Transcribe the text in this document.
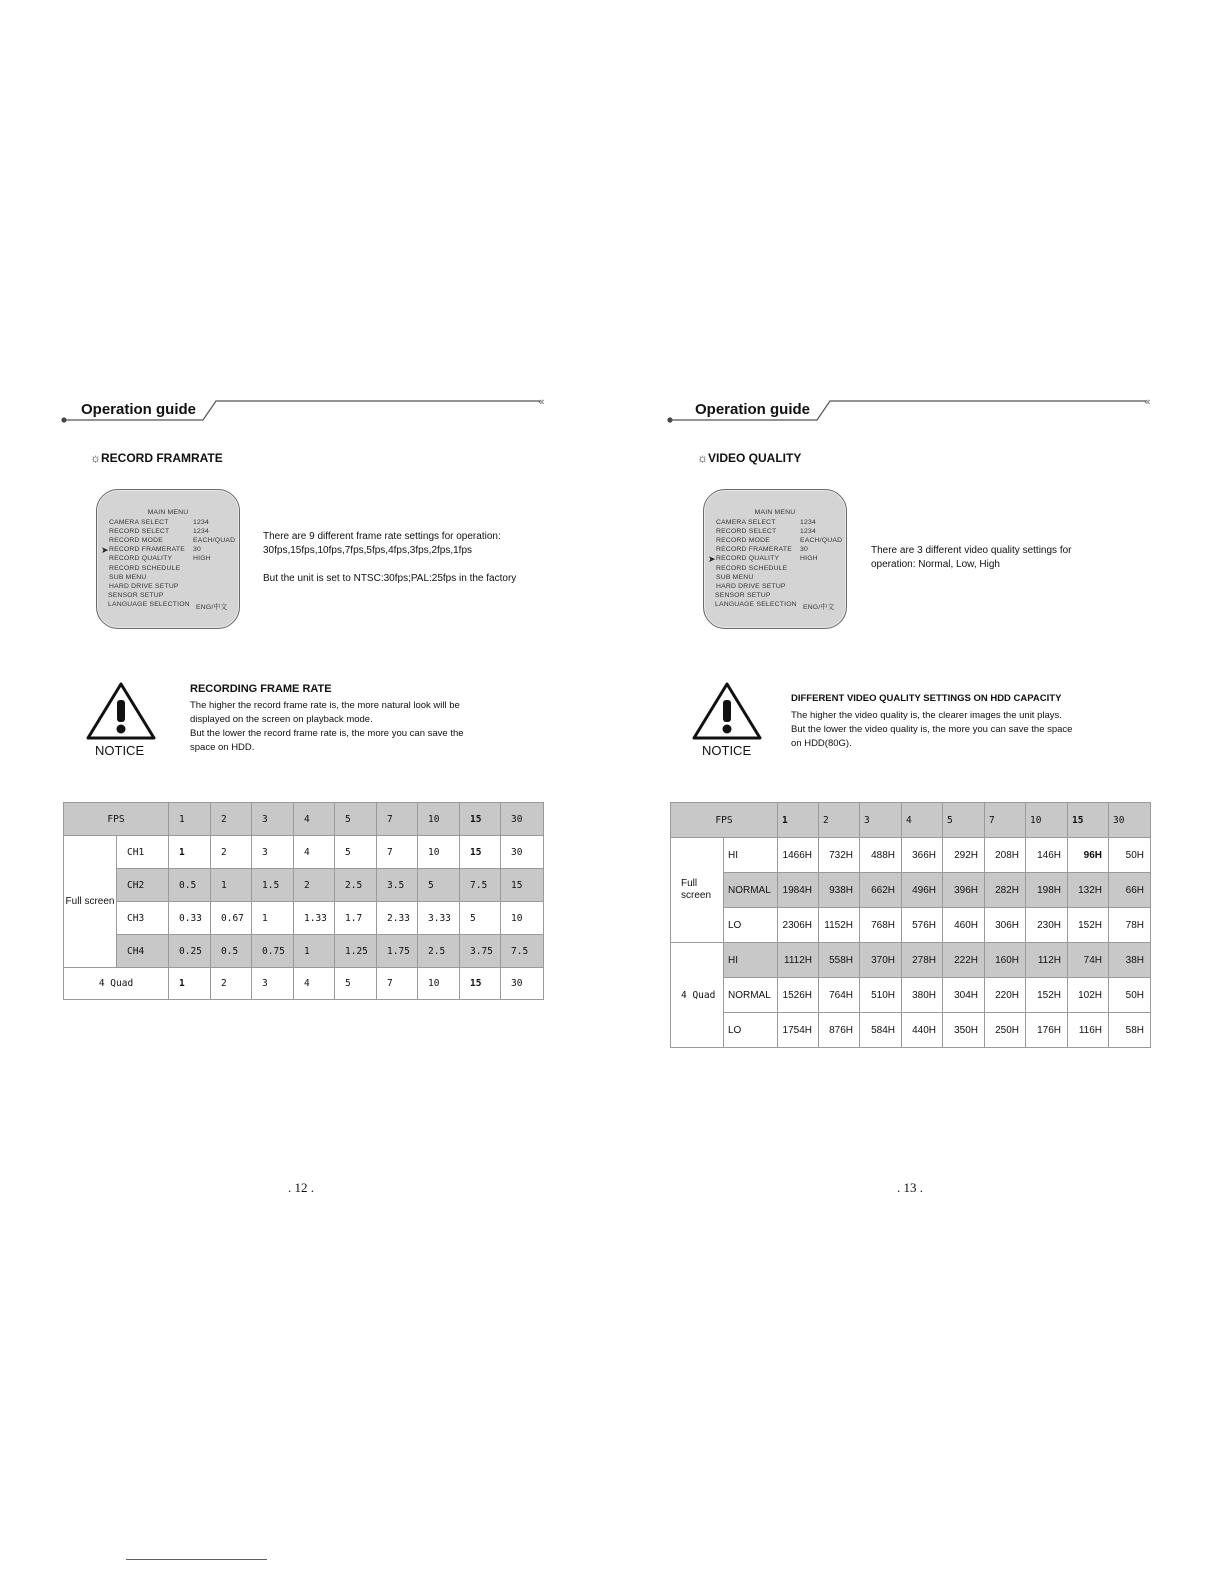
«
Operation guide
☼RECORD FRAMRATE
MAIN MENU
CAMERA SELECT	1234
RECORD SELECT	1234
RECORD MODE	EACH/QUAD
RECORD FRAMERATE 30
➤
RECORD QUALITY	HIGH
RECORD SCHEDULE
SUB MENU
HARD DRIVE SETUP
SENSOR SETUP
LANGUAGE SELECTION ENG/中文
There are 9 different frame rate settings for operation:
30fps,15fps,10fps,7fps,5fps,4fps,3fps,2fps,1fps
But the unit is set to NTSC:30fps;PAL:25fps in the factory
NOTICE
RECORDING FRAME RATE
The higher the record frame rate is, the more natural look will be
displayed on the screen on playback mode.
But the lower the record frame rate is, the more you can save the
space on HDD.
FPS		1	2	3	4	5	7	10	15	30
Full screen	CH1	1	2	3	4	5	7	10	15	30
	CH2	0.5	1	1.5	2	2.5	3.5	5	7.5	15
	CH3	0.33	0.67	1	1.33	1.7	2.33	3.33	5	10
	CH4	0.25	0.5	0.75	1	1.25	1.75	2.5	3.75	7.5
4 Quad		1	2	3	4	5	7	10	15	30
. 12 .
«
Operation guide
☼VIDEO QUALITY
MAIN MENU
CAMERA SELECT	1234
RECORD SELECT	1234
RECORD MODE	EACH/QUAD
RECORD FRAMERATE 30
RECORD QUALITY	HIGH
➤
RECORD SCHEDULE
SUB MENU
HARD DRIVE SETUP
SENSOR SETUP
LANGUAGE SELECTION ENG/中文
There are 3 different video quality settings for
operation: Normal, Low, High
NOTICE
DIFFERENT VIDEO QUALITY SETTINGS ON HDD CAPACITY
The higher the video quality is, the clearer images the unit plays.
But the lower the video quality is, the more you can save the space
on HDD(80G).
FPS		1	2	3	4	5	7	10	15	30
Full screen	HI	1466H	732H	488H	366H	292H	208H	146H	96H	50H
	NORMAL	1984H	938H	662H	496H	396H	282H	198H	132H	66H
	LO	2306H	1152H	768H	576H	460H	306H	230H	152H	78H
4 Quad	HI	1112H	558H	370H	278H	222H	160H	112H	74H	38H
	NORMAL	1526H	764H	510H	380H	304H	220H	152H	102H	50H
	LO	1754H	876H	584H	440H	350H	250H	176H	116H	58H
. 13 .
